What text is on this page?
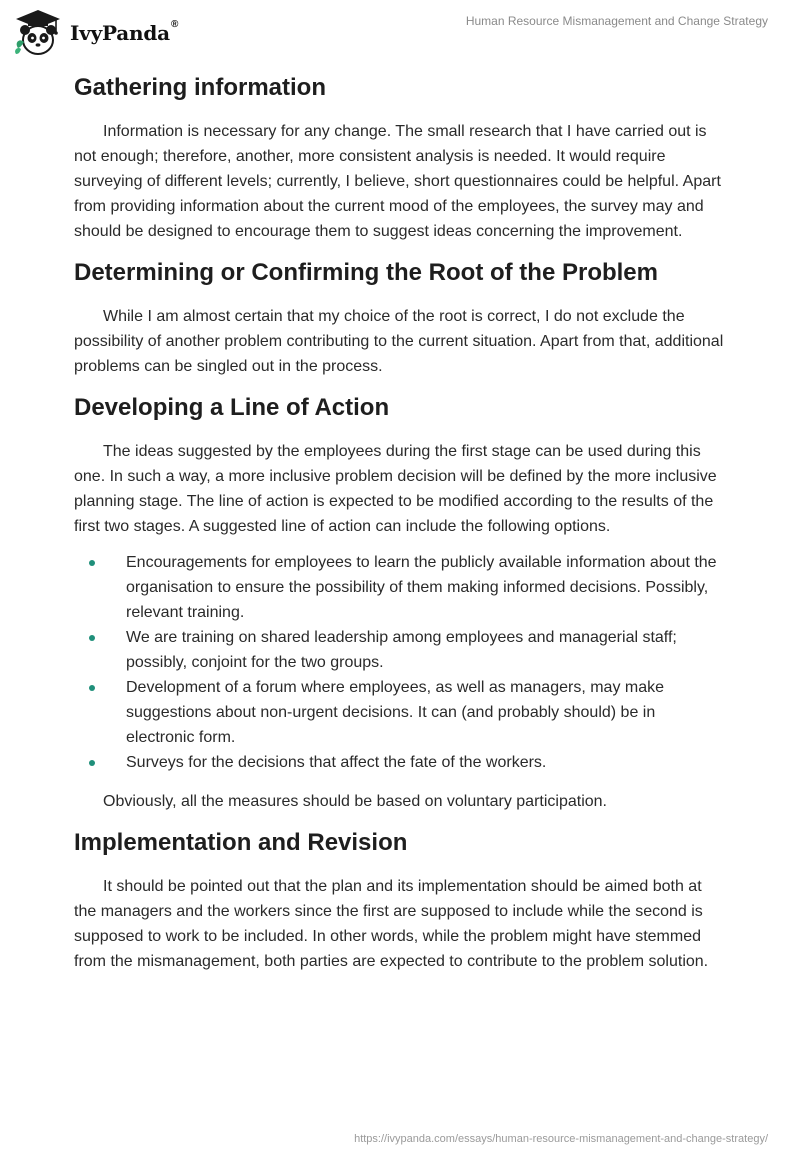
IvyPanda®	Human Resource Mismanagement and Change Strategy
Gathering information

Information is necessary for any change. The small research that I have carried out is not enough; therefore, another, more consistent analysis is needed. It would require surveying of different levels; currently, I believe, short questionnaires could be helpful. Apart from providing information about the current mood of the employees, the survey may and should be designed to encourage them to suggest ideas concerning the improvement.

Determining or Confirming the Root of the Problem

While I am almost certain that my choice of the root is correct, I do not exclude the possibility of another problem contributing to the current situation. Apart from that, additional problems can be singled out in the process.

Developing a Line of Action

The ideas suggested by the employees during the first stage can be used during this one. In such a way, a more inclusive problem decision will be defined by the more inclusive planning stage. The line of action is expected to be modified according to the results of the first two stages. A suggested line of action can include the following options.

Encouragements for employees to learn the publicly available information about the organisation to ensure the possibility of them making informed decisions. Possibly, relevant training.
We are training on shared leadership among employees and managerial staff; possibly, conjoint for the two groups.
Development of a forum where employees, as well as managers, may make suggestions about non-urgent decisions. It can (and probably should) be in electronic form.
Surveys for the decisions that affect the fate of the workers.

Obviously, all the measures should be based on voluntary participation.

Implementation and Revision

It should be pointed out that the plan and its implementation should be aimed both at the managers and the workers since the first are supposed to include while the second is supposed to work to be included. In other words, while the problem might have stemmed from the mismanagement, both parties are expected to contribute to the problem solution.

https://ivypanda.com/essays/human-resource-mismanagement-and-change-strategy/
